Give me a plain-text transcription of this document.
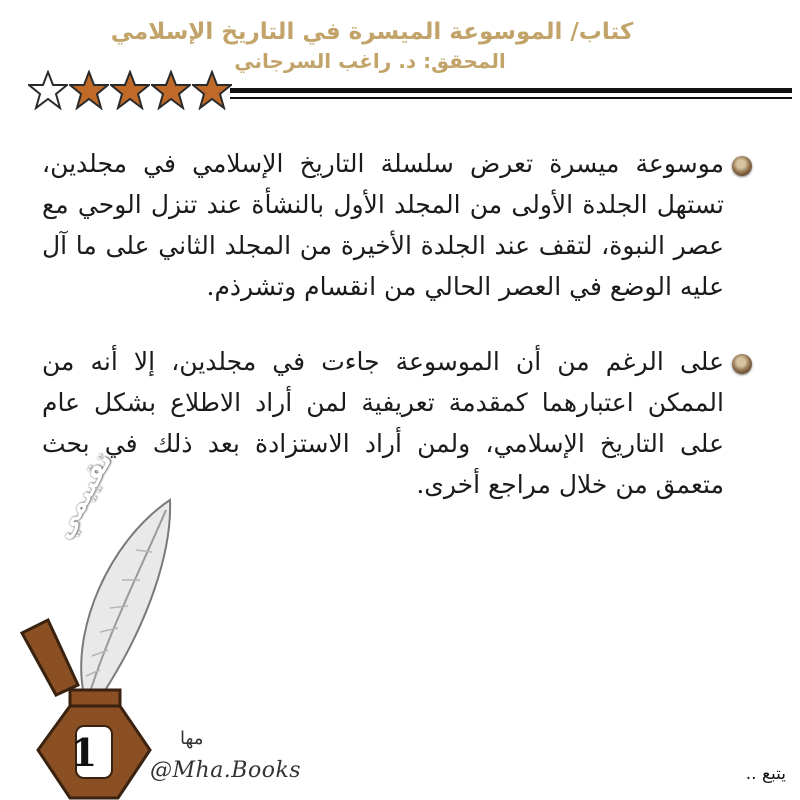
كتاب/ الموسوعة الميسرة في التاريخ الإسلامي
المحقق: د. راغب السرجاني

موسوعة ميسرة تعرض سلسلة التاريخ الإسلامي في مجلدين، تستهل الجلدة الأولى من المجلد الأول بالنشأة عند تنزل الوحي مع عصر النبوة، لتقف عند الجلدة الأخيرة من المجلد الثاني على ما آل عليه الوضع في العصر الحالي من انقسام وتشرذم.

على الرغم من أن الموسوعة جاءت في مجلدين، إلا أنه من الممكن اعتبارهما كمقدمة تعريفية لمن أراد الاطلاع بشكل عام على التاريخ الإسلامي، ولمن أراد الاستزادة بعد ذلك في بحث متعمق من خلال مراجع أخرى.

1
تقييمي
مها
@Mha.Books	يتبع ..
